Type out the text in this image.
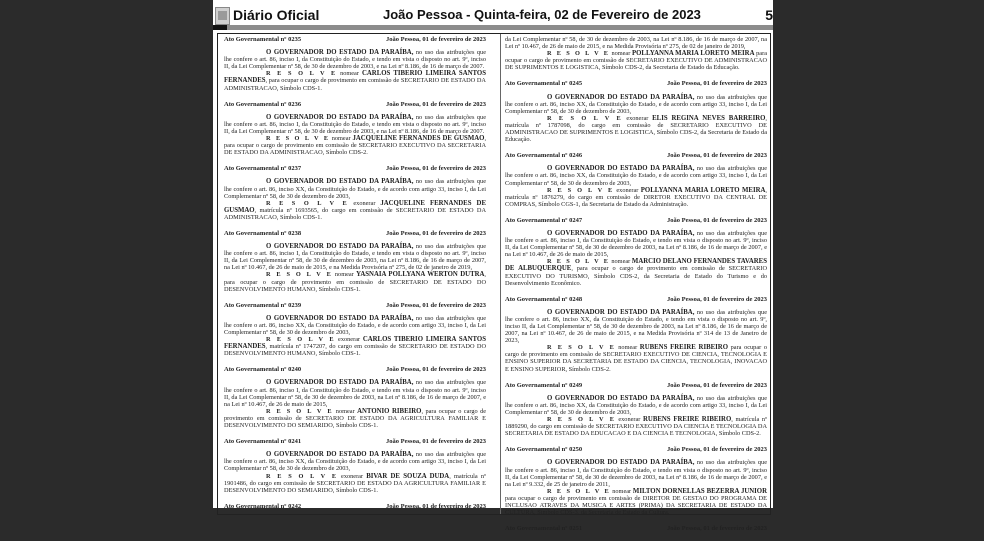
Diário Oficial	João Pessoa - Quinta-feira, 02 de Fevereiro de 2023	5
Ato Governamental nº 0235	João Pessoa, 01 de fevereiro de 2023
O GOVERNADOR DO ESTADO DA PARAÍBA, no uso das atribuições que lhe confere o art. 86, inciso I, da Constituição do Estado, e tendo em vista o disposto no art. 9º, inciso II, da Lei Complementar nº 58, de 30 de dezembro de 2003, e na Lei nº 8.186, de 16 de março de 2007.
R E S O L V E nomear CARLOS TIBERIO LIMEIRA SANTOS FERNANDES, para ocupar o cargo de provimento em comissão de SECRETARIO DE ESTADO DA ADMINISTRACAO, Símbolo CDS-1.
Ato Governamental nº 0236	João Pessoa, 01 de fevereiro de 2023
O GOVERNADOR DO ESTADO DA PARAÍBA, no uso das atribuições que lhe confere o art. 86, inciso I, da Constituição do Estado, e tendo em vista o disposto no art. 9º, inciso II, da Lei Complementar nº 58, de 30 de dezembro de 2003, e na Lei nº 8.186, de 16 de março de 2007.
R E S O L V E nomear JACQUELINE FERNANDES DE GUSMAO, para ocupar o cargo de provimento em comissão de SECRETARIO EXECUTIVO DA SECRETARIA DE ESTADO DA ADMINISTRACAO, Símbolo CDS-2.
Ato Governamental nº 0237	João Pessoa, 01 de fevereiro de 2023
O GOVERNADOR DO ESTADO DA PARAÍBA, no uso das atribuições que lhe confere o art. 86, inciso XX, da Constituição do Estado, e de acordo com artigo 33, inciso I, da Lei Complementar nº 58, de 30 de dezembro de 2003,
R E S O L V E exonerar JACQUELINE FERNANDES DE GUSMAO, matrícula nº 1693565, do cargo em comissão de SECRETARIO DE ESTADO DA ADMINISTRACAO, Símbolo CDS-1.
Ato Governamental nº 0238	João Pessoa, 01 de fevereiro de 2023
O GOVERNADOR DO ESTADO DA PARAÍBA, no uso das atribuições que lhe confere o art. 86, inciso I, da Constituição do Estado, e tendo em vista o disposto no art. 9º, inciso II, da Lei Complementar nº 58, de 30 de dezembro de 2003, na Lei nº 8.186, de 16 de março de 2007, na Lei nº 10.467, de 26 de maio de 2015, e na Medida Provisória nº 275, de 02 de janeiro de 2019,
R E S O L V E nomear YASNAIA POLLYANA WERTON DUTRA, para ocupar o cargo de provimento em comissão de SECRETARIO DE ESTADO DO DESENVOLVIMENTO HUMANO, Símbolo CDS-1.
Ato Governamental nº 0239	João Pessoa, 01 de fevereiro de 2023
O GOVERNADOR DO ESTADO DA PARAÍBA, no uso das atribuições que lhe confere o art. 86, inciso XX, da Constituição do Estado, e de acordo com artigo 33, inciso I, da Lei Complementar nº 58, de 30 de dezembro de 2003,
R E S O L V E exonerar CARLOS TIBERIO LIMEIRA SANTOS FERNANDES, matrícula nº 1747207, do cargo em comissão de SECRETARIO DE ESTADO DO DESENVOLVIMENTO HUMANO, Símbolo CDS-1.
Ato Governamental nº 0240	João Pessoa, 01 de fevereiro de 2023
O GOVERNADOR DO ESTADO DA PARAÍBA, no uso das atribuições que lhe confere o art. 86, inciso I, da Constituição do Estado, e tendo em vista o disposto no art. 9º, inciso II, da Lei Complementar nº 58, de 30 de dezembro de 2003, na Lei nº 8.186, de 16 de março de 2007, e na Lei nº 10.467, de 26 de maio de 2015,
R E S O L V E nomear ANTONIO RIBEIRO, para ocupar o cargo de provimento em comissão de SECRETARIO DE ESTADO DA AGRICULTURA FAMILIAR E DESENVOLVIMENTO DO SEMIARIDO, Símbolo CDS-1.
Ato Governamental nº 0241	João Pessoa, 01 de fevereiro de 2023
O GOVERNADOR DO ESTADO DA PARAÍBA, no uso das atribuições que lhe confere o art. 86, inciso XX, da Constituição do Estado, e de acordo com artigo 33, inciso I, da Lei Complementar nº 58, de 30 de dezembro de 2003,
R E S O L V E exonerar BIVAR DE SOUZA DUDA, matrícula nº 1901486, do cargo em comissão de SECRETARIO DE ESTADO DA AGRICULTURA FAMILIAR E DESENVOLVIMENTO DO SEMIARIDO, Símbolo CDS-1.
Ato Governamental nº 0242	João Pessoa, 01 de fevereiro de 2023
da Lei Complementar nº 58, de 30 de dezembro de 2003, na Lei nº 8.186, de 16 de março de 2007, na Lei nº 10.467, de 26 de maio de 2015, e na Medida Provisória nº 275, de 02 de janeiro de 2019,
R E S O L V E nomear POLLYANNA MARIA LORETO MEIRA para ocupar o cargo de provimento em comissão de SECRETARIO EXECUTIVO DE ADMINISTRACAO DE SUPRIMENTOS E LOGISTICA, Símbolo CDS-2, da Secretaria de Estado da Educação.
Ato Governamental nº 0245	João Pessoa, 01 de fevereiro de 2023
O GOVERNADOR DO ESTADO DA PARAÍBA, no uso das atribuições que lhe confere o art. 86, inciso XX, da Constituição do Estado, e de acordo com artigo 33, inciso I, da Lei Complementar nº 58, de 30 de dezembro de 2003,
R E S O L V E exonerar ELIS REGINA NEVES BARREIRO, matrícula nº 1787098, do cargo em comissão de SECRETARIO EXECUTIVO DE ADMINISTRACAO DE SUPRIMENTOS E LOGISTICA, Símbolo CDS-2, da Secretaria de Estado da Educação.
Ato Governamental nº 0246	João Pessoa, 01 de fevereiro de 2023
O GOVERNADOR DO ESTADO DA PARAÍBA, no uso das atribuições que lhe confere o art. 86, inciso XX, da Constituição do Estado, e de acordo com artigo 33, inciso I, da Lei Complementar nº 58, de 30 de dezembro de 2003,
R E S O L V E exonerar POLLYANNA MARIA LORETO MEIRA, matrícula nº 1876279, do cargo em comissão de DIRETOR EXECUTIVO DA CENTRAL DE COMPRAS, Símbolo CGS-1, da Secretaria de Estado da Administração.
Ato Governamental nº 0247	João Pessoa, 01 de fevereiro de 2023
O GOVERNADOR DO ESTADO DA PARAÍBA, no uso das atribuições que lhe confere o art. 86, inciso I, da Constituição do Estado, e tendo em vista o disposto no art. 9º, inciso II, da Lei Complementar nº 58, de 30 de dezembro de 2003, na Lei nº 8.186, de 16 de março de 2007, e na Lei nº 10.467, de 26 de maio de 2015,
R E S O L V E nomear MARCIO DELANO FERNANDES TAVARES DE ALBUQUERQUE, para ocupar o cargo de provimento em comissão de SECRETARIO EXECUTIVO DO TURISMO, Símbolo CDS-2, da Secretaria de Estado do Turismo e do Desenvolvimento Econômico.
Ato Governamental nº 0248	João Pessoa, 01 de fevereiro de 2023
O GOVERNADOR DO ESTADO DA PARAÍBA, no uso das atribuições que lhe confere o art. 86, inciso XX, da Constituição do Estado, e tendo em vista o disposto no art. 9º, inciso II, da Lei Complementar nº 58, de 30 de dezembro de 2003, na Lei nº 8.186, de 16 de março de 2007, na Lei nº 10.467, de 26 de maio de 2015, e na Medida Provisória nº 314 de 13 de Janeiro de 2023,
R E S O L V E nomear RUBENS FREIRE RIBEIRO para ocupar o cargo de provimento em comissão de SECRETARIO EXECUTIVO DE CIENCIA, TECNOLOGIA E ENSINO SUPERIOR DA SECRETARIA DE ESTADO DA CIENCIA, TECNOLOGIA, INOVACAO E ENSINO SUPERIOR, Símbolo CDS-2.
Ato Governamental nº 0249	João Pessoa, 01 de fevereiro de 2023
O GOVERNADOR DO ESTADO DA PARAÍBA, no uso das atribuições que lhe confere o art. 86, inciso XX, da Constituição do Estado, e de acordo com artigo 33, inciso I, da Lei Complementar nº 58, de 30 de dezembro de 2003,
R E S O L V E exonerar RUBENS FREIRE RIBEIRO, matrícula nº 1889290, do cargo em comissão de SECRETARIO EXECUTIVO DA CIENCIA E TECNOLOGIA DA SECRETARIA DE ESTADO DA EDUCACAO E DA CIENCIA E TECNOLOGIA, Símbolo CDS-2.
Ato Governamental nº 0250	João Pessoa, 01 de fevereiro de 2023
O GOVERNADOR DO ESTADO DA PARAÍBA, no uso das atribuições que lhe confere o art. 86, inciso I, da Constituição do Estado, e tendo em vista o disposto no art. 9º, inciso II, da Lei Complementar nº 58, de 30 de dezembro de 2003, na Lei nº 8.186, de 16 de março de 2007, e na Lei nº 9.332, de 25 de janeiro de 2011,
R E S O L V E nomear MILTON DORNELLAS BEZERRA JUNIOR para ocupar o cargo de provimento em comissão de DIRETOR DE GESTAO DO PROGRAMA DE INCLUSAO ATRAVES DA MUSICA E ARTES (PRIMA) DA SECRETARIA DE ESTADO DA CULTURA, Símbolo CDS-3, da Secretaria de Estado da Cultura.
Ato Governamental nº 0251	João Pessoa, 01 de fevereiro de 2023
